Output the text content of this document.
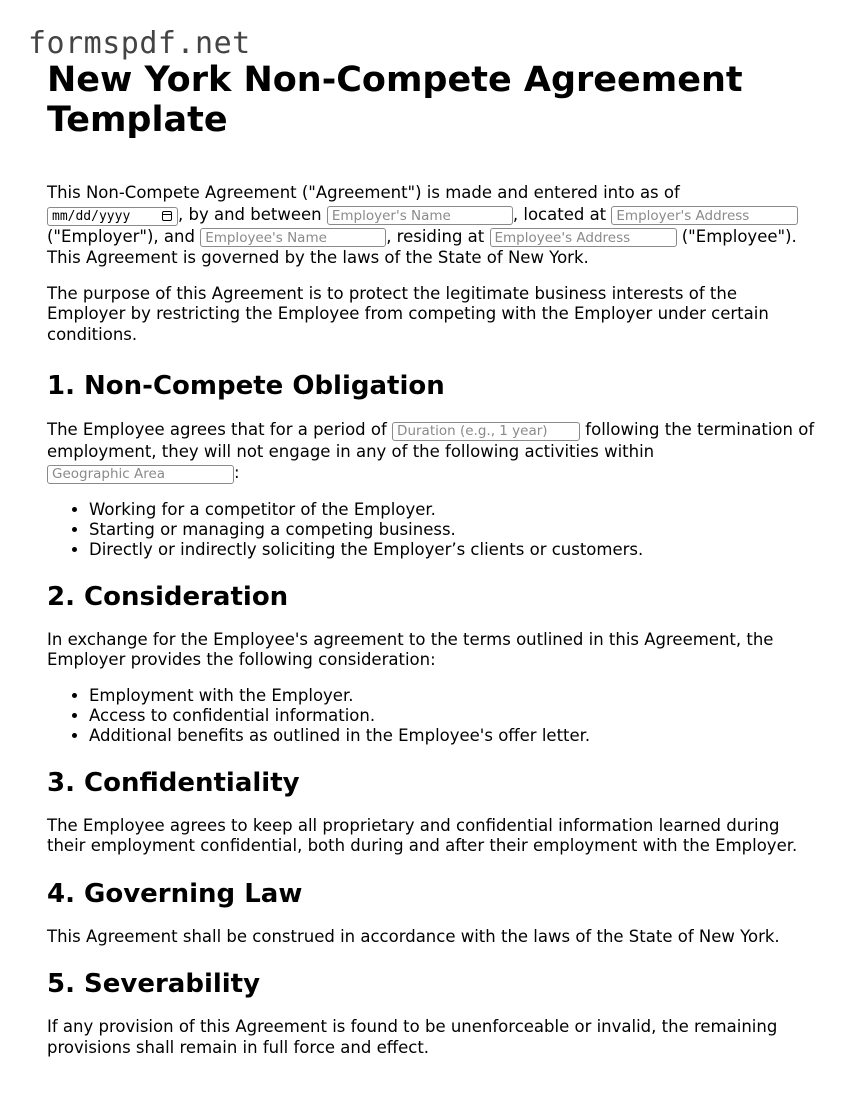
formspdf.net
New York Non-Compete Agreement Template
This Non-Compete Agreement ("Agreement") is made and entered into as of
mm/dd/yyyy	, by and between Employer's Name	, located at Employer's Address
("Employer"), and Employee's Name	, residing at Employee's Address	("Employee").
This Agreement is governed by the laws of the State of New York.

The purpose of this Agreement is to protect the legitimate business interests of the Employer by restricting the Employee from competing with the Employer under certain conditions.

1. Non-Compete Obligation
The Employee agrees that for a period of Duration (e.g., 1 year)	following the termination of employment, they will not engage in any of the following activities within
Geographic Area:
• Working for a competitor of the Employer.
• Starting or managing a competing business.
• Directly or indirectly soliciting the Employer’s clients or customers.
2. Consideration

In exchange for the Employee's agreement to the terms outlined in this Agreement, the Employer provides the following consideration:

• Employment with the Employer.
• Access to confidential information.
• Additional benefits as outlined in the Employee's offer letter.
3. Confidentiality

The Employee agrees to keep all proprietary and confidential information learned during their employment confidential, both during and after their employment with the Employer.

4. Governing Law

This Agreement shall be construed in accordance with the laws of the State of New York.

5. Severability

If any provision of this Agreement is found to be unenforceable or invalid, the remaining provisions shall remain in full force and effect.
